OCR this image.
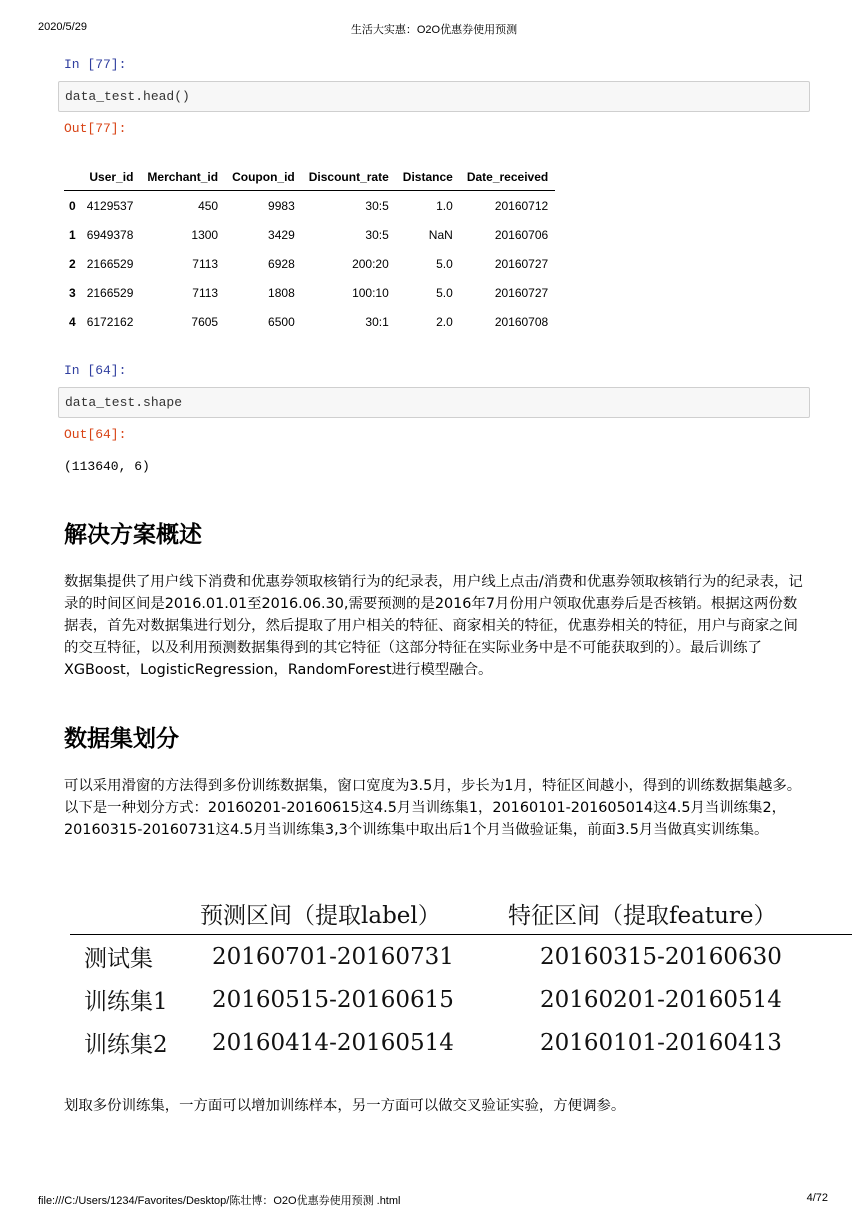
2020/5/29	生活大实惠：O2O优惠券使用预测
file:///C:/Users/1234/Favorites/Desktop/陈壮博：O2O优惠券使用预测 .html	4/72
In [77]:
data_test.head()
Out[77]:
	User_id	Merchant_id	Coupon_id	Discount_rate	Distance	Date_received
0	4129537	450	9983	30:5	1.0	20160712
1	6949378	1300	3429	30:5	NaN	20160706
2	2166529	7113	6928	200:20	5.0	20160727
3	2166529	7113	1808	100:10	5.0	20160727
4	6172162	7605	6500	30:1	2.0	20160708
In [64]:
data_test.shape
Out[64]:
(113640, 6)
解决方案概述

数据集提供了用户线下消费和优惠券领取核销行为的纪录表，用户线上点击/消费和优惠券领取核销行为的纪录表，记录的时间区间是2016.01.01至2016.06.30,需要预测的是2016年7月份用户领取优惠券后是否核销。根据这两份数据表，首先对数据集进行划分，然后提取了用户相关的特征、商家相关的特征，优惠券相关的特征，用户与商家之间的交互特征，以及利用预测数据集得到的其它特征（这部分特征在实际业务中是不可能获取到的）。最后训练了XGBoost，LogisticRegression，RandomForest进行模型融合。

数据集划分

可以采用滑窗的方法得到多份训练数据集，窗口宽度为3.5月，步长为1月，特征区间越小，得到的训练数据集越多。以下是一种划分方式：20160201-20160615这4.5月当训练集1，20160101-201605014这4.5月当训练集2，20160315-20160731这4.5月当训练集3,3个训练集中取出后1个月当做验证集，前面3.5月当做真实训练集。

	预测区间（提取label）	特征区间（提取feature）
测试集	20160701-20160731	20160315-20160630
训练集1	20160515-20160615	20160201-20160514
训练集2	20160414-20160514	20160101-20160413

划取多份训练集，一方面可以增加训练样本，另一方面可以做交叉验证实验，方便调参。
